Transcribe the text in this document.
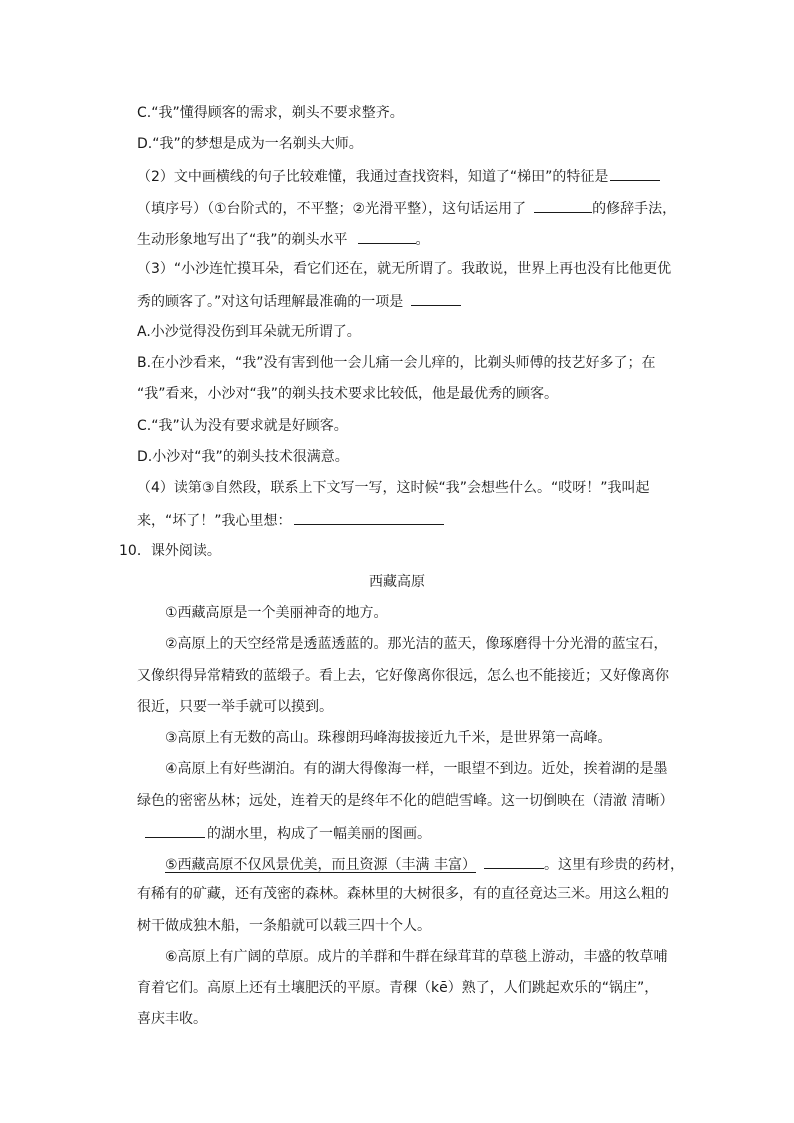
C.“我”懂得顾客的需求，剃头不要求整齐。
D.“我”的梦想是成为一名剃头大师。
（2）文中画横线的句子比较难懂，我通过查找资料，知道了“梯田”的特征是
（填序号）（①台阶式的，不平整；②光滑平整），这句话运用了	的修辞手法，
生动形象地写出了“我”的剃头水平	。
（3）“小沙连忙摸耳朵，看它们还在，就无所谓了。我敢说，世界上再也没有比他更优
秀的顾客了。”对这句话理解最准确的一项是
A.小沙觉得没伤到耳朵就无所谓了。
B.在小沙看来，“我”没有害到他一会儿痛一会儿痒的，比剃头师傅的技艺好多了；在
“我”看来，小沙对“我”的剃头技术要求比较低，他是最优秀的顾客。
C.“我”认为没有要求就是好顾客。
D.小沙对“我”的剃头技术很满意。
（4）读第③自然段，联系上下文写一写，这时候“我”会想些什么。“哎呀！”我叫起
来，“坏了！”我心里想：
10．课外阅读。
西藏高原
①西藏高原是一个美丽神奇的地方。
②高原上的天空经常是透蓝透蓝的。那光洁的蓝天，像琢磨得十分光滑的蓝宝石，
又像织得异常精致的蓝缎子。看上去，它好像离你很远，怎么也不能接近；又好像离你
很近，只要一举手就可以摸到。
③高原上有无数的高山。珠穆朗玛峰海拔接近九千米，是世界第一高峰。
④高原上有好些湖泊。有的湖大得像海一样，一眼望不到边。近处，挨着湖的是墨
绿色的密密丛林；远处，连着天的是终年不化的皑皑雪峰。这一切倒映在（清澈 清晰）
的湖水里，构成了一幅美丽的图画。
⑤西藏高原不仅风景优美，而且资源（丰满 丰富）	。这里有珍贵的药材，
有稀有的矿藏，还有茂密的森林。森林里的大树很多，有的直径竟达三米。用这么粗的
树干做成独木船，一条船就可以载三四十个人。
⑥高原上有广阔的草原。成片的羊群和牛群在绿茸茸的草毯上游动，丰盛的牧草哺
育着它们。高原上还有土壤肥沃的平原。青稞（kē）熟了，人们跳起欢乐的“锅庄”，
喜庆丰收。
